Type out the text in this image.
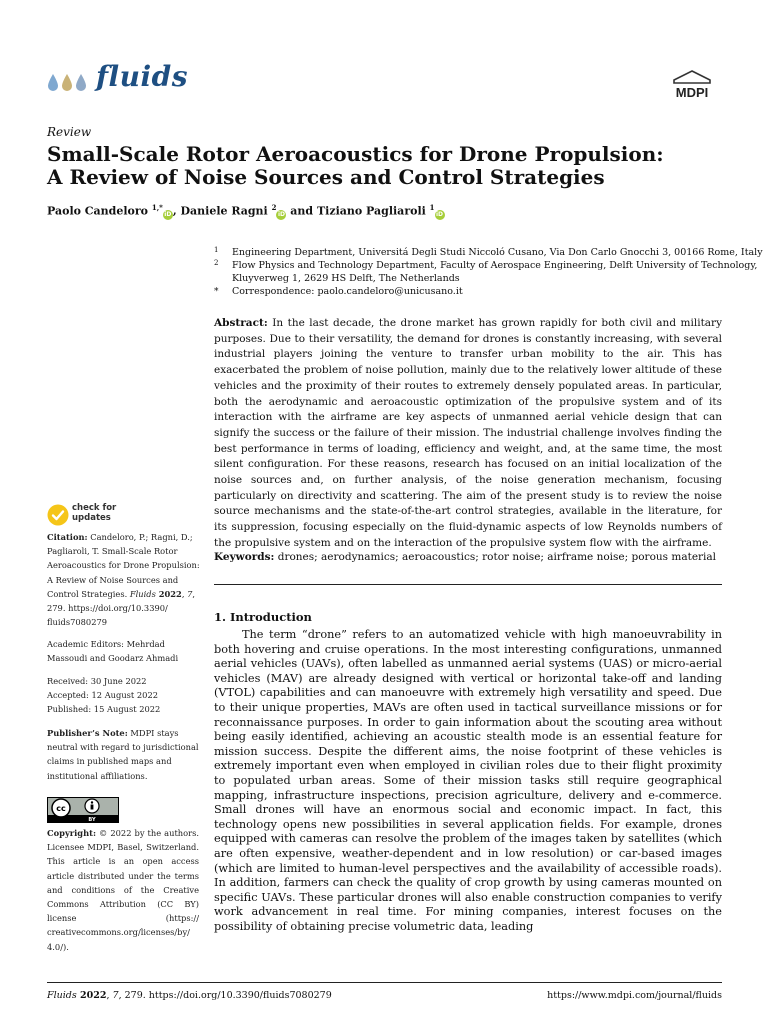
fluids	MDPI
Review
Small-Scale Rotor Aeroacoustics for Drone Propulsion:
A Review of Noise Sources and Control Strategies
Paolo Candeloro $^{1,*}$iD, Daniele Ragni $^2$iD and Tiziano Pagliaroli $^1$iD
1 Engineering Department, Universitá Degli Studi Niccoló Cusano, Via Don Carlo Gnocchi 3, 00166 Rome, Italy
2 Flow Physics and Technology Department, Faculty of Aerospace Engineering, Delft University of Technology,
Kluyverweg 1, 2629 HS Delft, The Netherlands
* Correspondence: paolo.candeloro@unicusano.it

Abstract: In the last decade, the drone market has grown rapidly for both civil and military purposes. Due to their versatility, the demand for drones is constantly increasing, with several industrial players joining the venture to transfer urban mobility to the air. This has exacerbated the problem of noise pollution, mainly due to the relatively lower altitude of these vehicles and the proximity of their routes to extremely densely populated areas. In particular, both the aerodynamic and aeroacoustic optimization of the propulsive system and of its interaction with the airframe are key aspects of unmanned aerial vehicle design that can signify the success or the failure of their mission. The industrial challenge involves finding the best performance in terms of loading, efficiency and weight, and, at the same time, the most silent configuration. For these reasons, research has focused on an initial localization of the noise sources and, on further analysis, of the noise generation mechanism, focusing particularly on directivity and scattering. The aim of the present study is to review the noise source mechanisms and the state-of-the-art control strategies, available in the literature, for its suppression, focusing especially on the fluid-dynamic aspects of low Reynolds numbers of the propulsive system and on the interaction of the propulsive system flow with the airframe.

Keywords: drones; aerodynamics; aeroacoustics; rotor noise; airframe noise; porous material
1. Introduction

The term “drone” refers to an automatized vehicle with high manoeuvrability in both hovering and cruise operations. In the most interesting configurations, unmanned aerial vehicles (UAVs), often labelled as unmanned aerial systems (UAS) or micro-aerial vehicles (MAV) are already designed with vertical or horizontal take-off and landing (VTOL) capabilities and can manoeuvre with extremely high versatility and speed. Due to their unique properties, MAVs are often used in tactical surveillance missions or for reconnaissance purposes. In order to gain information about the scouting area without being easily identified, achieving an acoustic stealth mode is an essential feature for mission success. Despite the different aims, the noise footprint of these vehicles is extremely important even when employed in civilian roles due to their flight proximity to populated urban areas. Some of their mission tasks still require geographical mapping, infrastructure inspections, precision agriculture, delivery and e-commerce. Small drones will have an enormous social and economic impact. In fact, this technology opens new possibilities in several application fields. For example, drones equipped with cameras can resolve the problem of the images taken by satellites (which are often expensive, weather-dependent and in low resolution) or car-based images (which are limited to human-level perspectives and the availability of accessible roads). In addition, farmers can check the quality of crop growth by using cameras mounted on specific UAVs. These particular drones will also enable construction companies to verify work advancement in real time. For mining companies, interest focuses on the possibility of obtaining precise volumetric data, leading

check for
updates
Citation: Candeloro, P.; Ragni, D.; Pagliaroli, T. Small-Scale Rotor Aeroacoustics for Drone Propulsion: A Review of Noise Sources and Control Strategies. Fluids 2022, 7, 279. https://doi.org/10.3390/ fluids7080279
Academic Editors: Mehrdad Massoudi and Goodarz Ahmadi
Received: 30 June 2022
Accepted: 12 August 2022
Published: 15 August 2022
Publisher’s Note: MDPI stays neutral with regard to jurisdictional claims in published maps and institutional affiliations.
cc
BY
Copyright: © 2022 by the authors. Licensee MDPI, Basel, Switzerland. This article is an open access article distributed under the terms and conditions of the Creative Commons Attribution (CC BY) license (https:// creativecommons.org/licenses/by/ 4.0/).
Fluids 2022, 7, 279. https://doi.org/10.3390/fluids7080279	https://www.mdpi.com/journal/fluids
